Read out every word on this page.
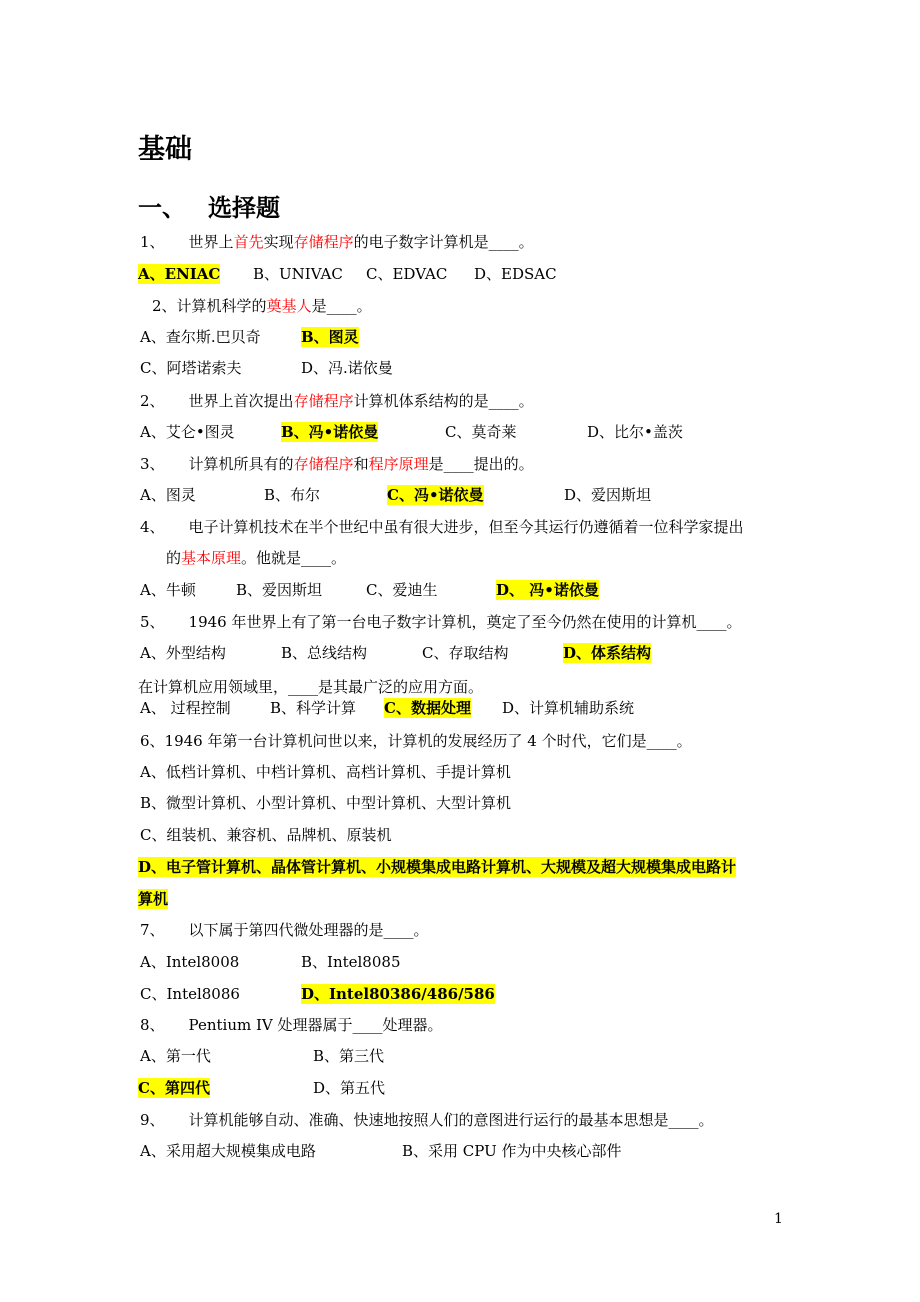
基础
一、 选择题
1、 世界上首先实现存储程序的电子数字计算机是____。
A、ENIAC B、UNIVAC C、EDVAC D、EDSAC
2、计算机科学的奠基人是____。
A、查尔斯.巴贝奇	B、图灵
C、阿塔诺索夫	D、冯.诺依曼
2、 世界上首次提出存储程序计算机体系结构的是____。
A、艾仑•图灵	B、冯•诺依曼	C、莫奇莱	D、比尔•盖茨
3、 计算机所具有的存储程序和程序原理是____提出的。
A、图灵	B、布尔	C、冯•诺依曼	D、爱因斯坦
4、 电子计算机技术在半个世纪中虽有很大进步，但至今其运行仍遵循着一位科学家提出
的基本原理。他就是____。
A、牛顿	B、爱因斯坦	C、爱迪生	D、 冯•诺依曼
5、 1946 年世界上有了第一台电子数字计算机，奠定了至今仍然在使用的计算机____。
A、外型结构	B、总线结构	C、存取结构	D、体系结构
在计算机应用领域里，____是其最广泛的应用方面。
A、 过程控制	B、科学计算 C、数据处理 D、计算机辅助系统
6、1946 年第一台计算机问世以来，计算机的发展经历了 4 个时代，它们是____。
A、低档计算机、中档计算机、高档计算机、手提计算机
B、微型计算机、小型计算机、中型计算机、大型计算机
C、组装机、兼容机、品牌机、原装机
D、电子管计算机、晶体管计算机、小规模集成电路计算机、大规模及超大规模集成电路计
算机
7、 以下属于第四代微处理器的是____。
A、Intel8008	B、Intel8085
C、Intel8086	D、Intel80386/486/586
8、 Pentium IV 处理器属于____处理器。
A、第一代	B、第三代
C、第四代	D、第五代
9、 计算机能够自动、准确、快速地按照人们的意图进行运行的最基本思想是____。
A、采用超大规模集成电路	B、采用 CPU 作为中央核心部件
1
